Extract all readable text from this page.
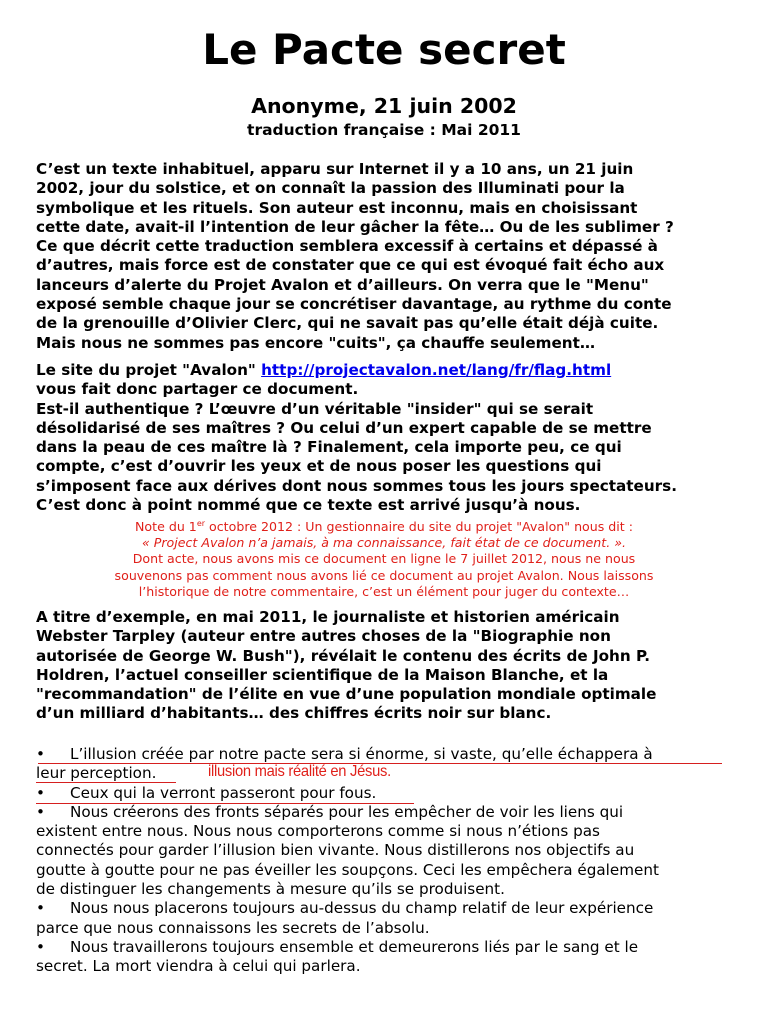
Le Pacte secret
Anonyme, 21 juin 2002
traduction française : Mai 2011
C’est un texte inhabituel, apparu sur Internet il y a 10 ans, un 21 juin
2002, jour du solstice, et on connaît la passion des Illuminati pour la
symbolique et les rituels. Son auteur est inconnu, mais en choisissant
cette date, avait-il l’intention de leur gâcher la fête… Ou de les sublimer ?
Ce que décrit cette traduction semblera excessif à certains et dépassé à
d’autres, mais force est de constater que ce qui est évoqué fait écho aux
lanceurs d’alerte du Projet Avalon et d’ailleurs. On verra que le "Menu"
exposé semble chaque jour se concrétiser davantage, au rythme du conte
de la grenouille d’Olivier Clerc, qui ne savait pas qu’elle était déjà cuite.
Mais nous ne sommes pas encore "cuits", ça chauffe seulement…
Le site du projet "Avalon" http://projectavalon.net/lang/fr/flag.html
vous fait donc partager ce document.
Est-il authentique ? L’œuvre d’un véritable "insider" qui se serait
désolidarisé de ses maîtres ? Ou celui d’un expert capable de se mettre
dans la peau de ces maître là ? Finalement, cela importe peu, ce qui
compte, c’est d’ouvrir les yeux et de nous poser les questions qui
s’imposent face aux dérives dont nous sommes tous les jours spectateurs.
C’est donc à point nommé que ce texte est arrivé jusqu’à nous.
Note du 1er octobre 2012 : Un gestionnaire du site du projet "Avalon" nous dit :
« Project Avalon n’a jamais, à ma connaissance, fait état de ce document. ».
Dont acte, nous avons mis ce document en ligne le 7 juillet 2012, nous ne nous
souvenons pas comment nous avons lié ce document au projet Avalon. Nous laissons
l’historique de notre commentaire, c’est un élément pour juger du contexte…
A titre d’exemple, en mai 2011, le journaliste et historien américain
Webster Tarpley (auteur entre autres choses de la "Biographie non
autorisée de George W. Bush"), révélait le contenu des écrits de John P.
Holdren, l’actuel conseiller scientifique de la Maison Blanche, et la
"recommandation" de l’élite en vue d’une population mondiale optimale
d’un milliard d’habitants… des chiffres écrits noir sur blanc.
• L’illusion créée par notre pacte sera si énorme, si vaste, qu’elle échappera à
leur perception.	illusion mais réalité en Jésus.
• Ceux qui la verront passeront pour fous.
• Nous créerons des fronts séparés pour les empêcher de voir les liens qui
existent entre nous. Nous nous comporterons comme si nous n’étions pas
connectés pour garder l’illusion bien vivante. Nous distillerons nos objectifs au
goutte à goutte pour ne pas éveiller les soupçons. Ceci les empêchera également
de distinguer les changements à mesure qu’ils se produisent.
• Nous nous placerons toujours au-dessus du champ relatif de leur expérience
parce que nous connaissons les secrets de l’absolu.
• Nous travaillerons toujours ensemble et demeurerons liés par le sang et le
secret. La mort viendra à celui qui parlera.
